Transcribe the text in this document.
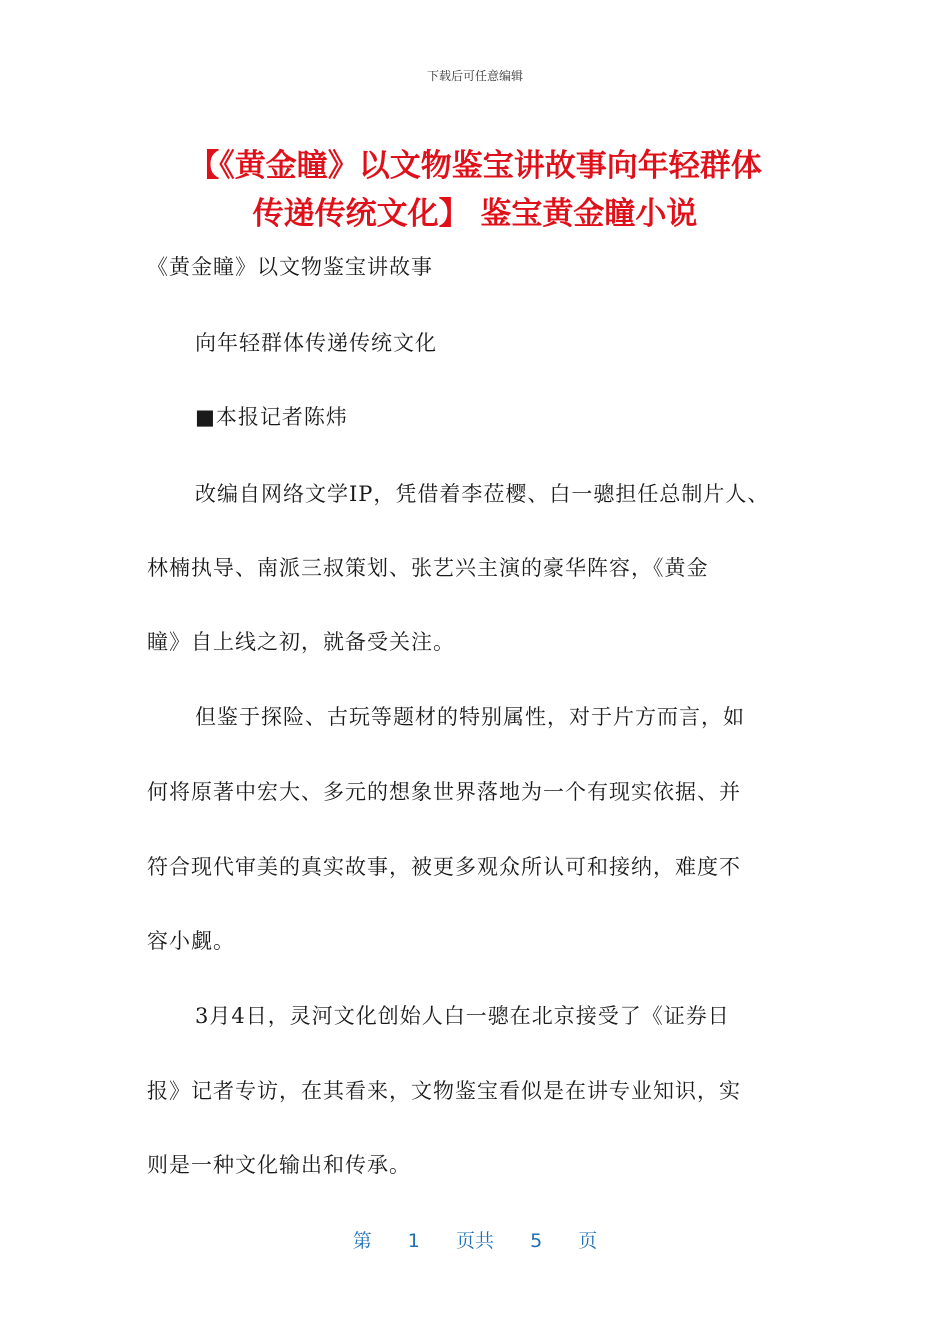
下载后可任意编辑
【《黄金瞳》以文物鉴宝讲故事向年轻群体
传递传统文化】 鉴宝黄金瞳小说
《黄金瞳》以文物鉴宝讲故事
向年轻群体传递传统文化
■本报记者陈炜
改编自网络文学IP，凭借着李莅樱、白一骢担任总制片人、
林楠执导、南派三叔策划、张艺兴主演的豪华阵容，《黄金
瞳》自上线之初，就备受关注。
但鉴于探险、古玩等题材的特别属性，对于片方而言，如
何将原著中宏大、多元的想象世界落地为一个有现实依据、并
符合现代审美的真实故事，被更多观众所认可和接纳，难度不
容小觑。
3月4日，灵河文化创始人白一骢在北京接受了《证券日
报》记者专访，在其看来，文物鉴宝看似是在讲专业知识，实
则是一种文化输出和传承。
第 1 页共 5 页
